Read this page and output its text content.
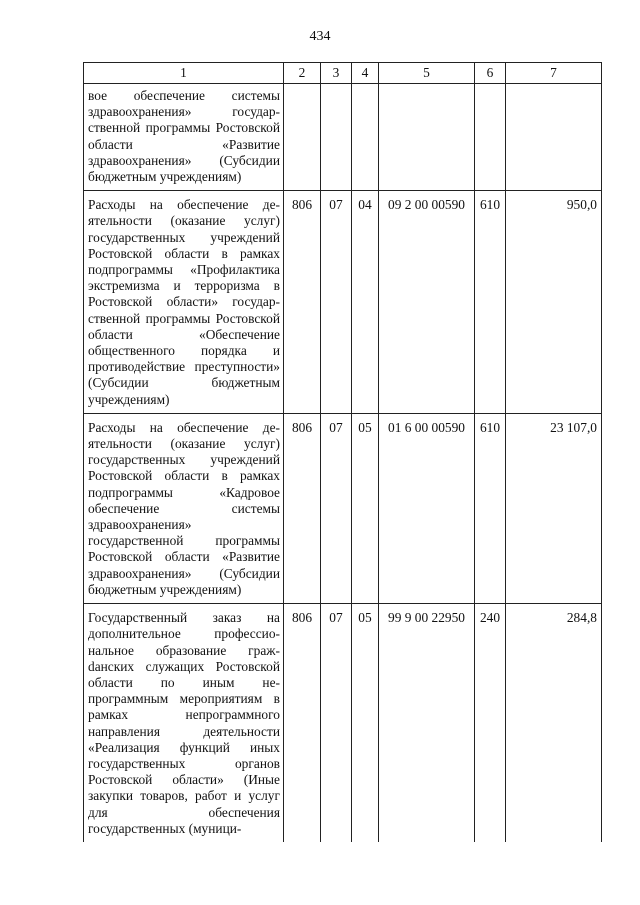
434
1	2	3	4	5	6	7
вое обеспечение системы здравоохранения» государственной программы Ростовской области «Развитие здравоохранения» (Субсидии бюджетным учреждениям)						
Расходы на обеспечение деятельности (оказание услуг) государственных учреждений Ростовской области в рамках подпрограммы «Профилактика экстремизма и терроризма в Ростовской области» государственной программы Ростовской области «Обеспечение общественного порядка и противодействие преступности» (Субсидии бюджетным учреждениям)	806	07	04	09 2 00 00590	610	950,0
Расходы на обеспечение деятельности (оказание услуг) государственных учреждений Ростовской области в рамках подпрограммы «Кадровое обеспечение системы здравоохранения» государственной программы Ростовской области «Развитие здравоохранения» (Субсидии бюджетным учреждениям)	806	07	05	01 6 00 00590	610	23 107,0
Государственный заказ на дополнительное профессиональное образование гражdанских служащих Ростовской области по иным непрограммным мероприятиям в рамках непрограммного направления деятельности «Реализация функций иных государственных органов Ростовской области» (Иные закупки товаров, работ и услуг для обеспечения государственных (муници-	806	07	05	99 9 00 22950	240	284,8
